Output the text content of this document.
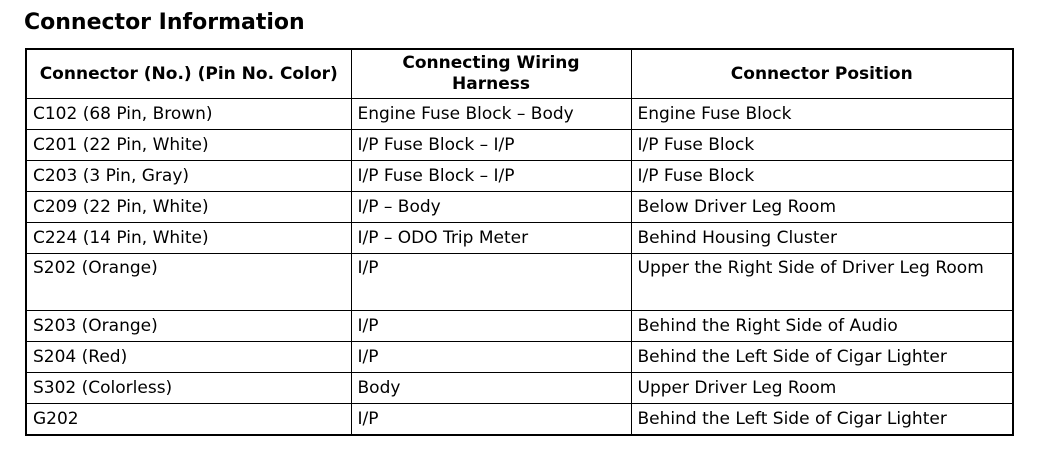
Connector Information
Connector (No.) (Pin No. Color)	Connecting Wiring Harness	Connector Position
C102 (68 Pin, Brown)	Engine Fuse Block – Body	Engine Fuse Block
C201 (22 Pin, White)	I/P Fuse Block – I/P	I/P Fuse Block
C203 (3 Pin, Gray)	I/P Fuse Block – I/P	I/P Fuse Block
C209 (22 Pin, White)	I/P – Body	Below Driver Leg Room
C224 (14 Pin, White)	I/P – ODO Trip Meter	Behind Housing Cluster
S202 (Orange)	I/P	Upper the Right Side of Driver Leg Room
S203 (Orange)	I/P	Behind the Right Side of Audio
S204 (Red)	I/P	Behind the Left Side of Cigar Lighter
S302 (Colorless)	Body	Upper Driver Leg Room
G202	I/P	Behind the Left Side of Cigar Lighter
